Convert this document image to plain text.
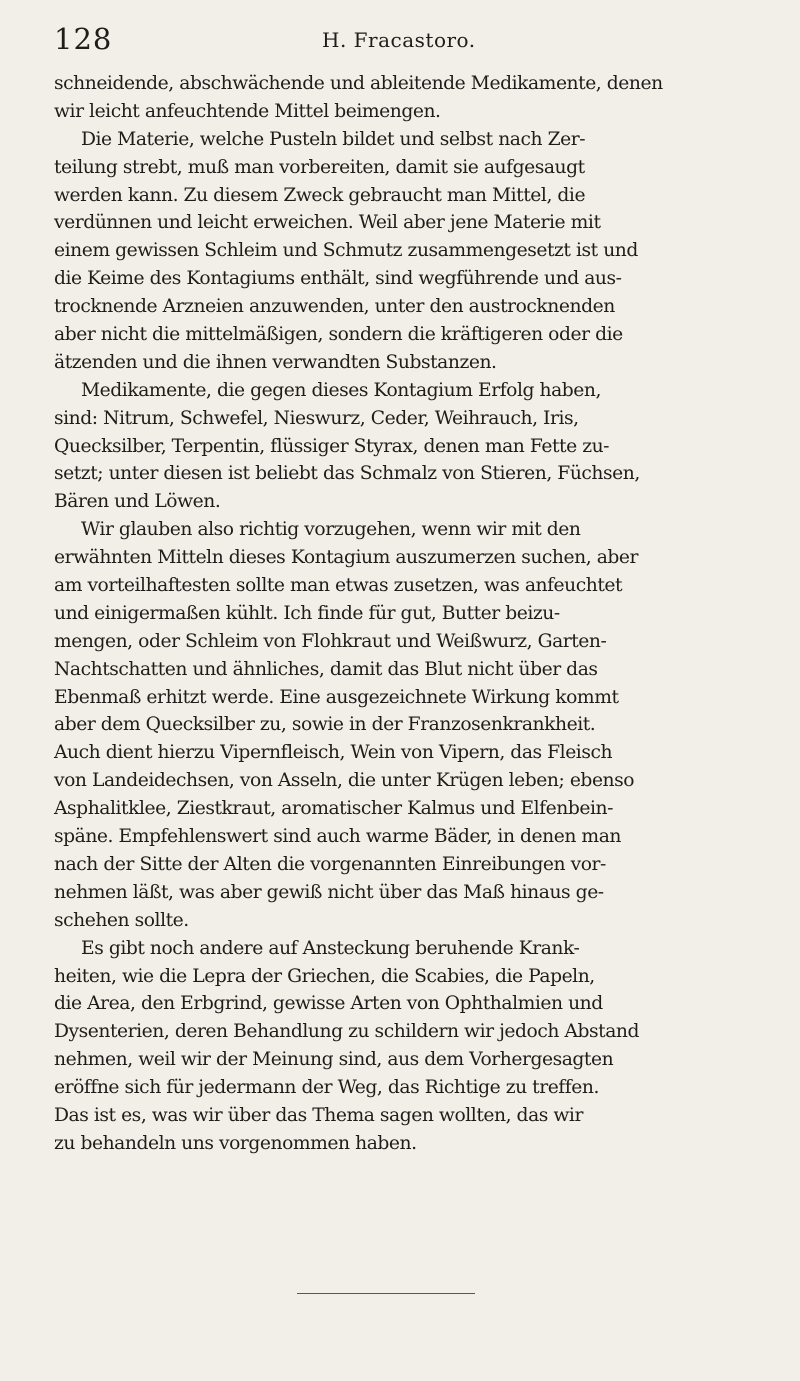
128	H. Fracastoro.
schneidende, abschwächende und ableitende Medikamente, denen
wir leicht anfeuchtende Mittel beimengen.
Die Materie, welche Pusteln bildet und selbst nach Zer-
teilung strebt, muß man vorbereiten, damit sie aufgesaugt
werden kann. Zu diesem Zweck gebraucht man Mittel, die
verdünnen und leicht erweichen. Weil aber jene Materie mit
einem gewissen Schleim und Schmutz zusammengesetzt ist und
die Keime des Kontagiums enthält, sind wegführende und aus-
trocknende Arzneien anzuwenden, unter den austrocknenden
aber nicht die mittelmäßigen, sondern die kräftigeren oder die
ätzenden und die ihnen verwandten Substanzen.
Medikamente, die gegen dieses Kontagium Erfolg haben,
sind: Nitrum, Schwefel, Nieswurz, Ceder, Weihrauch, Iris,
Quecksilber, Terpentin, flüssiger Styrax, denen man Fette zu-
setzt; unter diesen ist beliebt das Schmalz von Stieren, Füchsen,
Bären und Löwen.
Wir glauben also richtig vorzugehen, wenn wir mit den
erwähnten Mitteln dieses Kontagium auszumerzen suchen, aber
am vorteilhaftesten sollte man etwas zusetzen, was anfeuchtet
und einigermaßen kühlt. Ich finde für gut, Butter beizu-
mengen, oder Schleim von Flohkraut und Weißwurz, Garten-
Nachtschatten und ähnliches, damit das Blut nicht über das
Ebenmaß erhitzt werde. Eine ausgezeichnete Wirkung kommt
aber dem Quecksilber zu, sowie in der Franzosenkrankheit.
Auch dient hierzu Vipernfleisch, Wein von Vipern, das Fleisch
von Landeidechsen, von Asseln, die unter Krügen leben; ebenso
Asphalitklee, Ziestkraut, aromatischer Kalmus und Elfenbein-
späne. Empfehlenswert sind auch warme Bäder, in denen man
nach der Sitte der Alten die vorgenannten Einreibungen vor-
nehmen läßt, was aber gewiß nicht über das Maß hinaus ge-
schehen sollte.
Es gibt noch andere auf Ansteckung beruhende Krank-
heiten, wie die Lepra der Griechen, die Scabies, die Papeln,
die Area, den Erbgrind, gewisse Arten von Ophthalmien und
Dysenterien, deren Behandlung zu schildern wir jedoch Abstand
nehmen, weil wir der Meinung sind, aus dem Vorhergesagten
eröffne sich für jedermann der Weg, das Richtige zu treffen.
Das ist es, was wir über das Thema sagen wollten, das wir
zu behandeln uns vorgenommen haben.
